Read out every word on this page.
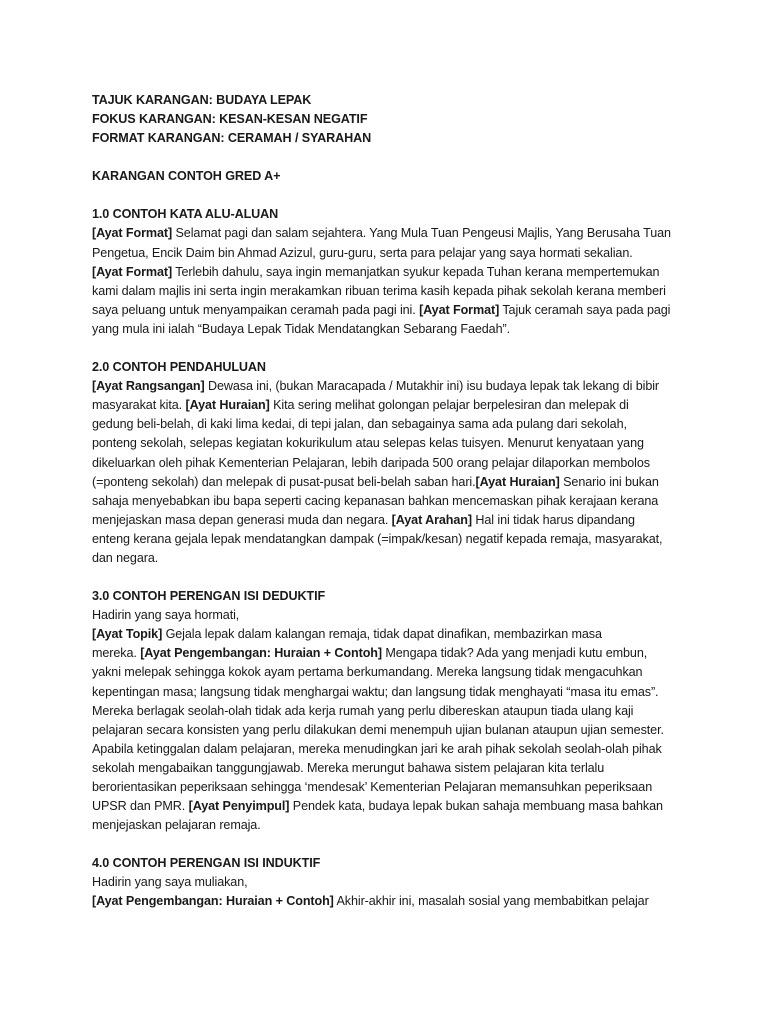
TAJUK KARANGAN: BUDAYA LEPAK

FOKUS KARANGAN: KESAN-KESAN NEGATIF

FORMAT KARANGAN: CERAMAH / SYARAHAN

KARANGAN CONTOH GRED A+

1.0 CONTOH KATA ALU-ALUAN

[Ayat Format] Selamat pagi dan salam sejahtera. Yang Mula Tuan Pengeusi Majlis, Yang Berusaha Tuan
Pengetua, Encik Daim bin Ahmad Azizul, guru-guru, serta para pelajar yang saya hormati sekalian.
[Ayat Format] Terlebih dahulu, saya ingin memanjatkan syukur kepada Tuhan kerana mempertemukan
kami dalam majlis ini serta ingin merakamkan ribuan terima kasih kepada pihak sekolah kerana memberi
saya peluang untuk menyampaikan ceramah pada pagi ini. [Ayat Format] Tajuk ceramah saya pada pagi
yang mula ini ialah “Budaya Lepak Tidak Mendatangkan Sebarang Faedah”.

2.0 CONTOH PENDAHULUAN

[Ayat Rangsangan] Dewasa ini, (bukan Maracapada / Mutakhir ini) isu budaya lepak tak lekang di bibir
masyarakat kita. [Ayat Huraian] Kita sering melihat golongan pelajar berpelesiran dan melepak di
gedung beli-belah, di kaki lima kedai, di tepi jalan, dan sebagainya sama ada pulang dari sekolah,
ponteng sekolah, selepas kegiatan kokurikulum atau selepas kelas tuisyen. Menurut kenyataan yang
dikeluarkan oleh pihak Kementerian Pelajaran, lebih daripada 500 orang pelajar dilaporkan membolos
(=ponteng sekolah) dan melepak di pusat-pusat beli-belah saban hari.[Ayat Huraian] Senario ini bukan
sahaja menyebabkan ibu bapa seperti cacing kepanasan bahkan mencemaskan pihak kerajaan kerana
menjejaskan masa depan generasi muda dan negara. [Ayat Arahan] Hal ini tidak harus dipandang
enteng kerana gejala lepak mendatangkan dampak (=impak/kesan) negatif kepada remaja, masyarakat,
dan negara.

3.0 CONTOH PERENGAN ISI DEDUKTIF

Hadirin yang saya hormati,
[Ayat Topik] Gejala lepak dalam kalangan remaja, tidak dapat dinafikan, membazirkan masa
mereka. [Ayat Pengembangan: Huraian + Contoh] Mengapa tidak? Ada yang menjadi kutu embun,
yakni melepak sehingga kokok ayam pertama berkumandang. Mereka langsung tidak mengacuhkan
kepentingan masa; langsung tidak menghargai waktu; dan langsung tidak menghayati “masa itu emas”.
Mereka berlagak seolah-olah tidak ada kerja rumah yang perlu dibereskan ataupun tiada ulang kaji
pelajaran secara konsisten yang perlu dilakukan demi menempuh ujian bulanan ataupun ujian semester.
Apabila ketinggalan dalam pelajaran, mereka menudingkan jari ke arah pihak sekolah seolah-olah pihak
sekolah mengabaikan tanggungjawab. Mereka merungut bahawa sistem pelajaran kita terlalu
berorientasikan peperiksaan sehingga ‘mendesak’ Kementerian Pelajaran memansuhkan peperiksaan
UPSR dan PMR. [Ayat Penyimpul] Pendek kata, budaya lepak bukan sahaja membuang masa bahkan
menjejaskan pelajaran remaja.

4.0 CONTOH PERENGAN ISI INDUKTIF

Hadirin yang saya muliakan,
[Ayat Pengembangan: Huraian + Contoh] Akhir-akhir ini, masalah sosial yang membabitkan pelajar
